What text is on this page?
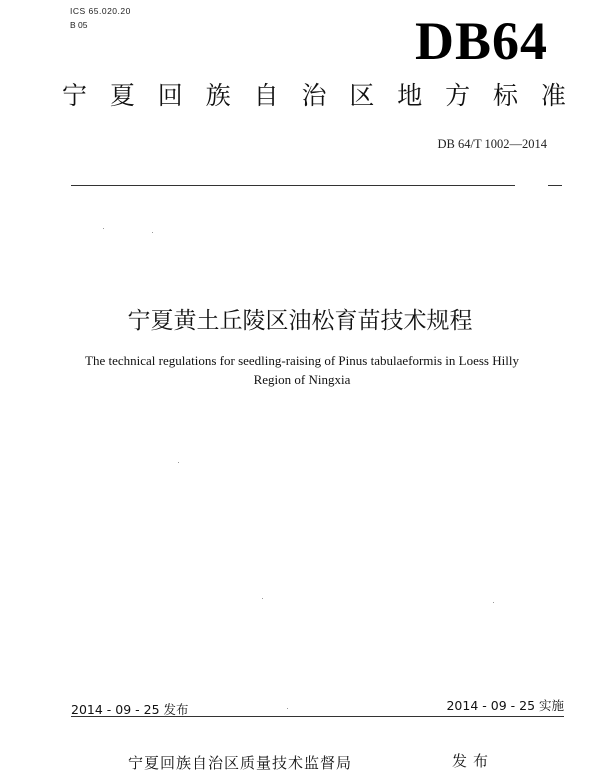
ICS 65.020.20
B 05	DB64
宁 夏 回 族 自 治 区 地 方 标 准
DB 64/T 1002—2014
宁夏黄土丘陵区油松育苗技术规程
The technical regulations for seedling-raising of Pinus tabulaeformis in Loess Hilly
Region of Ningxia
2014 - 09 - 25 发布	2014 - 09 - 25 实施
宁夏回族自治区质量技术监督局	发布
